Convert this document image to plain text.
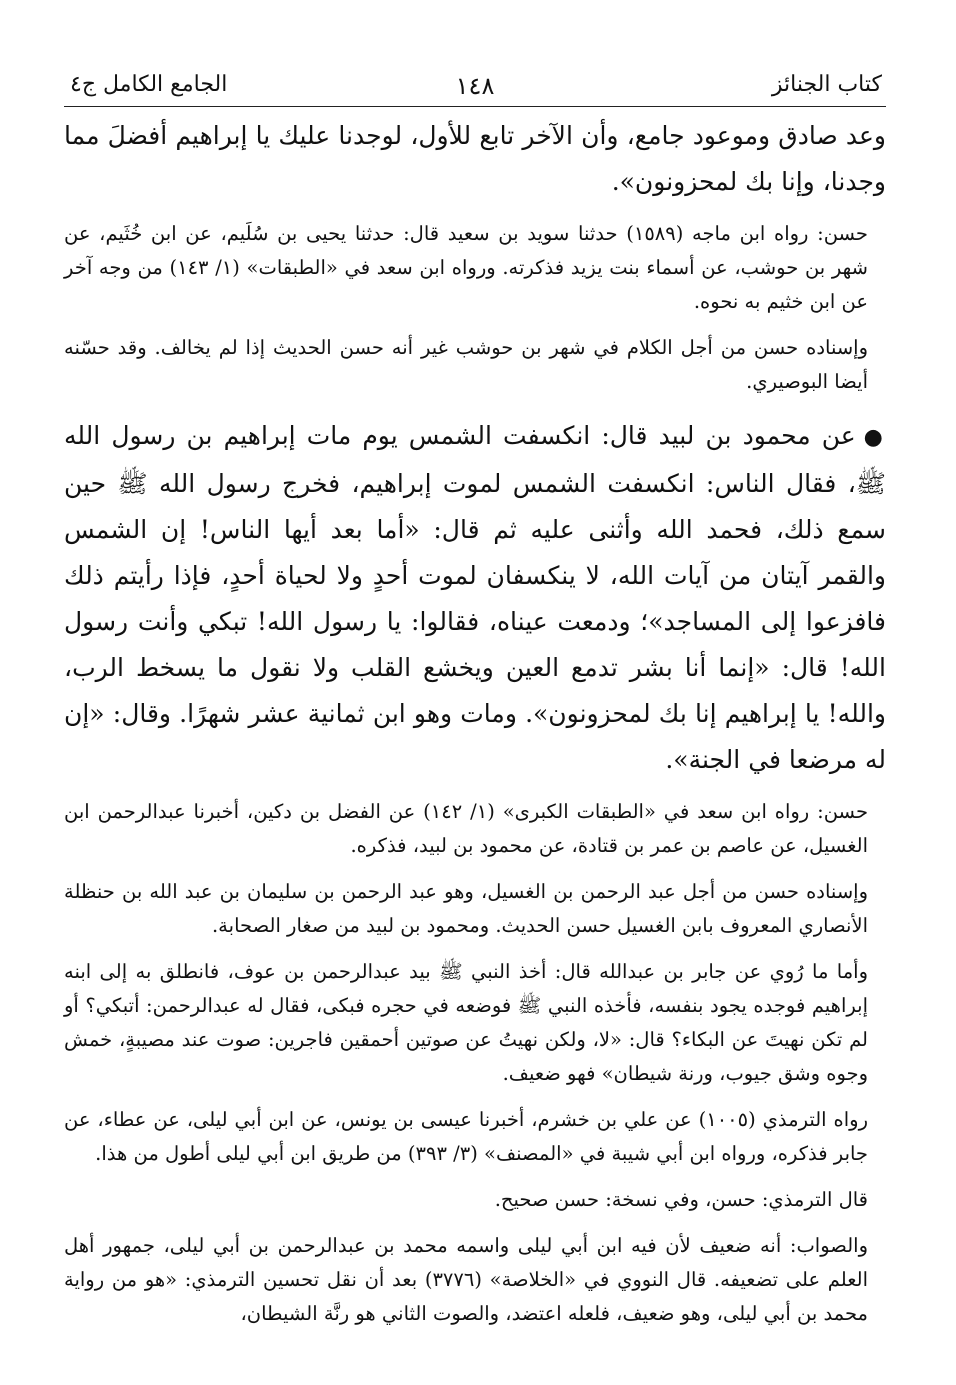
كتاب الجنائز
١٤٨
الجامع الكامل ج٤

وعد صادق وموعود جامع، وأن الآخر تابع للأول، لوجدنا عليك يا إبراهيم أفضلَ مما وجدنا، وإنا بك لمحزونون».

حسن: رواه ابن ماجه (١٥٨٩) حدثنا سويد بن سعيد قال: حدثنا يحيى بن سُلَيم، عن ابن خُثَيم، عن شهر بن حوشب، عن أسماء بنت يزيد فذكرته. ورواه ابن سعد في «الطبقات» (١/ ١٤٣) من وجه آخر عن ابن خثيم به نحوه.

وإسناده حسن من أجل الكلام في شهر بن حوشب غير أنه حسن الحديث إذا لم يخالف. وقد حسّنه أيضا البوصيري.

●عن محمود بن لبيد قال: انكسفت الشمس يوم مات إبراهيم بن رسول الله ﷺ، فقال الناس: انكسفت الشمس لموت إبراهيم، فخرج رسول الله ﷺ حين سمع ذلك، فحمد الله وأثنى عليه ثم قال: «أما بعد أيها الناس! إن الشمس والقمر آيتان من آيات الله، لا ينكسفان لموت أحدٍ ولا لحياة أحدٍ، فإذا رأيتم ذلك فافزعوا إلى المساجد»؛ ودمعت عيناه، فقالوا: يا رسول الله! تبكي وأنت رسول الله! قال: «إنما أنا بشر تدمع العين ويخشع القلب ولا نقول ما يسخط الرب، والله! يا إبراهيم إنا بك لمحزونون». ومات وهو ابن ثمانية عشر شهرًا. وقال: «إن له مرضعا في الجنة».

حسن: رواه ابن سعد في «الطبقات الكبرى» (١/ ١٤٢) عن الفضل بن دكين، أخبرنا عبدالرحمن ابن الغسيل، عن عاصم بن عمر بن قتادة، عن محمود بن لبيد، فذكره.

وإسناده حسن من أجل عبد الرحمن بن الغسيل، وهو عبد الرحمن بن سليمان بن عبد الله بن حنظلة الأنصاري المعروف بابن الغسيل حسن الحديث. ومحمود بن لبيد من صغار الصحابة.

وأما ما رُوي عن جابر بن عبدالله قال: أخذ النبي ﷺ بيد عبدالرحمن بن عوف، فانطلق به إلى ابنه إبراهيم فوجده يجود بنفسه، فأخذه النبي ﷺ فوضعه في حجره فبكى، فقال له عبدالرحمن: أتبكي؟ أو لم تكن نهيتَ عن البكاء؟ قال: «لا، ولكن نهيتُ عن صوتين أحمقين فاجرين: صوت عند مصيبةٍ، خمش وجوه وشق جيوب، ورنة شيطان» فهو ضعيف.

رواه الترمذي (١٠٠٥) عن علي بن خشرم، أخبرنا عيسى بن يونس، عن ابن أبي ليلى، عن عطاء، عن جابر فذكره، ورواه ابن أبي شيبة في «المصنف» (٣/ ٣٩٣) من طريق ابن أبي ليلى أطول من هذا.

قال الترمذي: حسن، وفي نسخة: حسن صحيح.

والصواب: أنه ضعيف لأن فيه ابن أبي ليلى واسمه محمد بن عبدالرحمن بن أبي ليلى، جمهور أهل العلم على تضعيفه. قال النووي في «الخلاصة» (٣٧٧٦) بعد أن نقل تحسين الترمذي: «هو من رواية محمد بن أبي ليلى، وهو ضعيف، فلعله اعتضد، والصوت الثاني هو رنَّة الشيطان،
